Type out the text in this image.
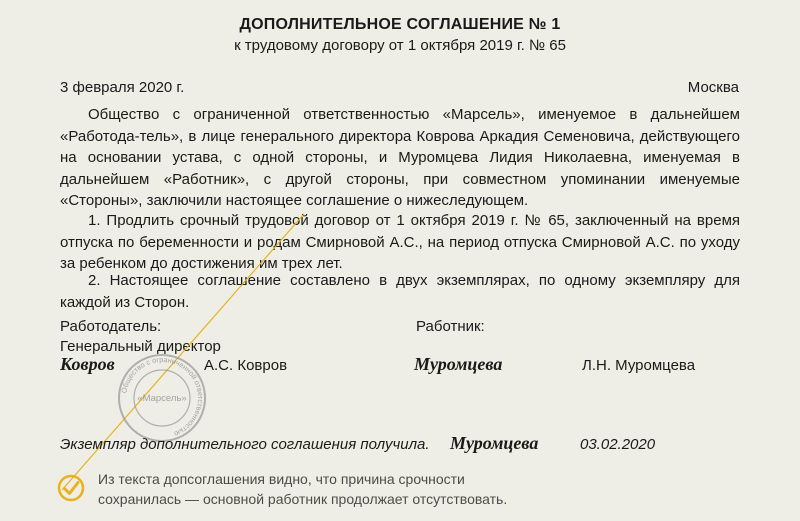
ДОПОЛНИТЕЛЬНОЕ СОГЛАШЕНИЕ № 1
к трудовому договору от 1 октября 2019 г. № 65
3 февраля 2020 г.	Москва

Общество с ограниченной ответственностью «Марсель», именуемое в дальнейшем «Работода-тель», в лице генерального директора Коврова Аркадия Семеновича, действующего на основании устава, с одной стороны, и Муромцева Лидия Николаевна, именуемая в дальнейшем «Работник», с другой стороны, при совместном упоминании именуемые «Стороны», заключили настоящее соглашение о нижеследующем.

1. Продлить срочный трудовой договор от 1 октября 2019 г. № 65, заключенный на время отпуска по беременности и родам Смирновой А.С., на период отпуска Смирновой А.С. по уходу за ребенком до достижения им трех лет.

2. Настоящее соглашение составлено в двух экземплярах, по одному экземпляру для каждой из Сторон.

Работодатель:	Работник:
Генеральный директор
Ковров	А.С. Ковров	Муромцева	Л.Н. Муромцева
Общество с ограниченной ответственностью
«Марсель»
Экземпляр дополнительного соглашения получила. Муромцева	03.02.2020
Из текста допсоглашения видно, что причина срочности
сохранилась — основной работник продолжает отсутствовать.
